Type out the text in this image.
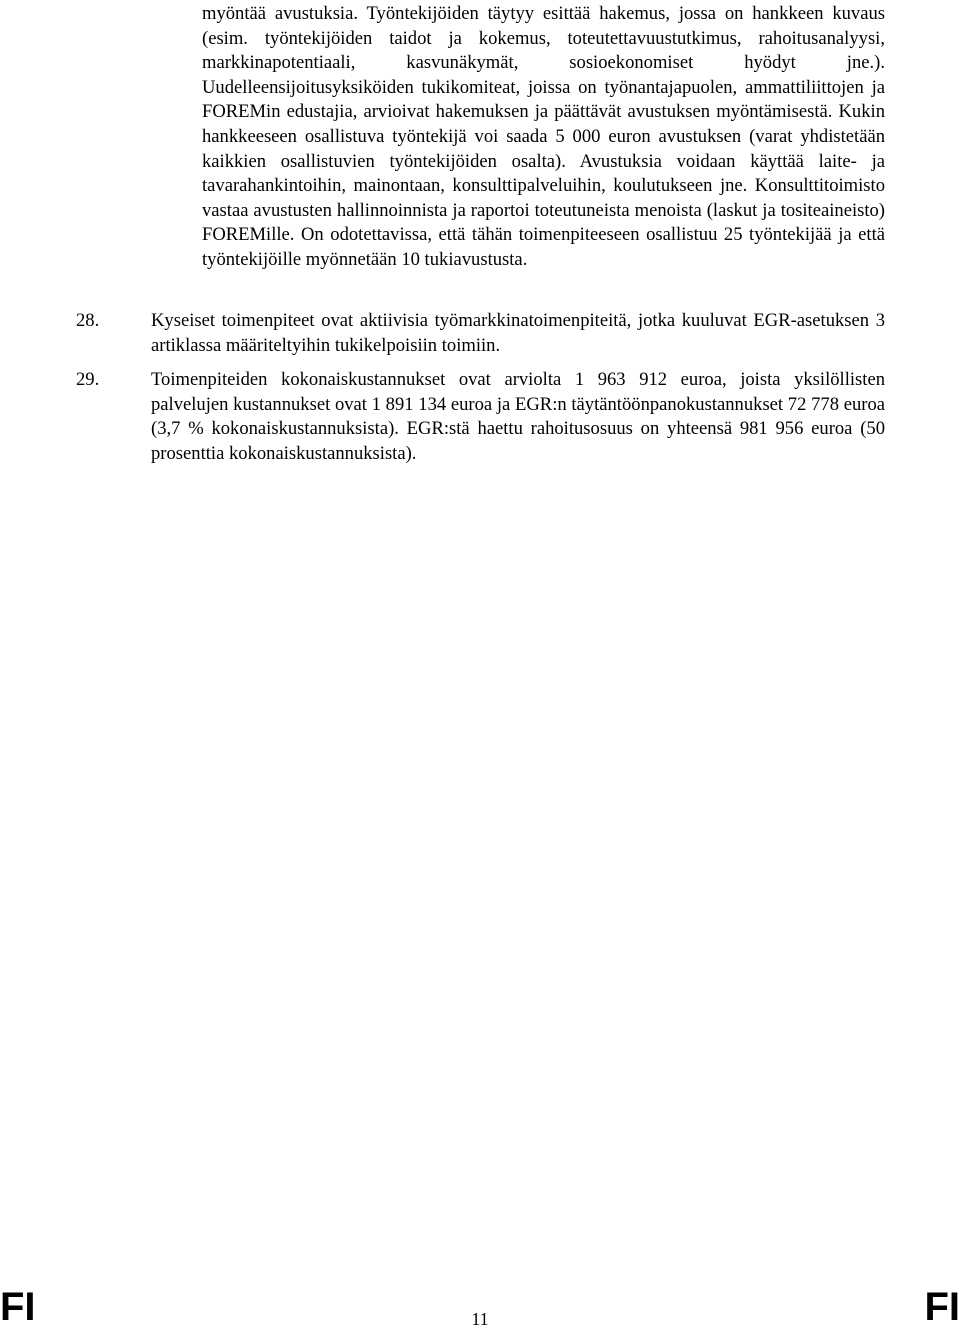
myöntää avustuksia. Työntekijöiden täytyy esittää hakemus, jossa on hankkeen kuvaus (esim. työntekijöiden taidot ja kokemus, toteutettavuustutkimus, rahoitusanalyysi, markkinapotentiaali, kasvunäkymät, sosioekonomiset hyödyt jne.). Uudelleensijoitusyksiköiden tukikomiteat, joissa on työnantajapuolen, ammattiliittojen ja FOREMin edustajia, arvioivat hakemuksen ja päättävät avustuksen myöntämisestä. Kukin hankkeeseen osallistuva työntekijä voi saada 5 000 euron avustuksen (varat yhdistetään kaikkien osallistuvien työntekijöiden osalta). Avustuksia voidaan käyttää laite- ja tavarahankintoihin, mainontaan, konsulttipalveluihin, koulutukseen jne. Konsulttitoimisto vastaa avustusten hallinnoinnista ja raportoi toteutuneista menoista (laskut ja tositeaineisto) FOREMille. On odotettavissa, että tähän toimenpiteeseen osallistuu 25 työntekijää ja että työntekijöille myönnetään 10 tukiavustusta.

28.	Kyseiset toimenpiteet ovat aktiivisia työmarkkinatoimenpiteitä, jotka kuuluvat EGR-asetuksen 3 artiklassa määriteltyihin tukikelpoisiin toimiin.
29.	Toimenpiteiden kokonaiskustannukset ovat arviolta 1 963 912 euroa, joista yksilöllisten palvelujen kustannukset ovat 1 891 134 euroa ja EGR:n täytäntöönpanokustannukset 72 778 euroa (3,7 % kokonaiskustannuksista). EGR:stä haettu rahoitusosuus on yhteensä 981 956 euroa (50 prosenttia kokonaiskustannuksista).
FI	11	FI
